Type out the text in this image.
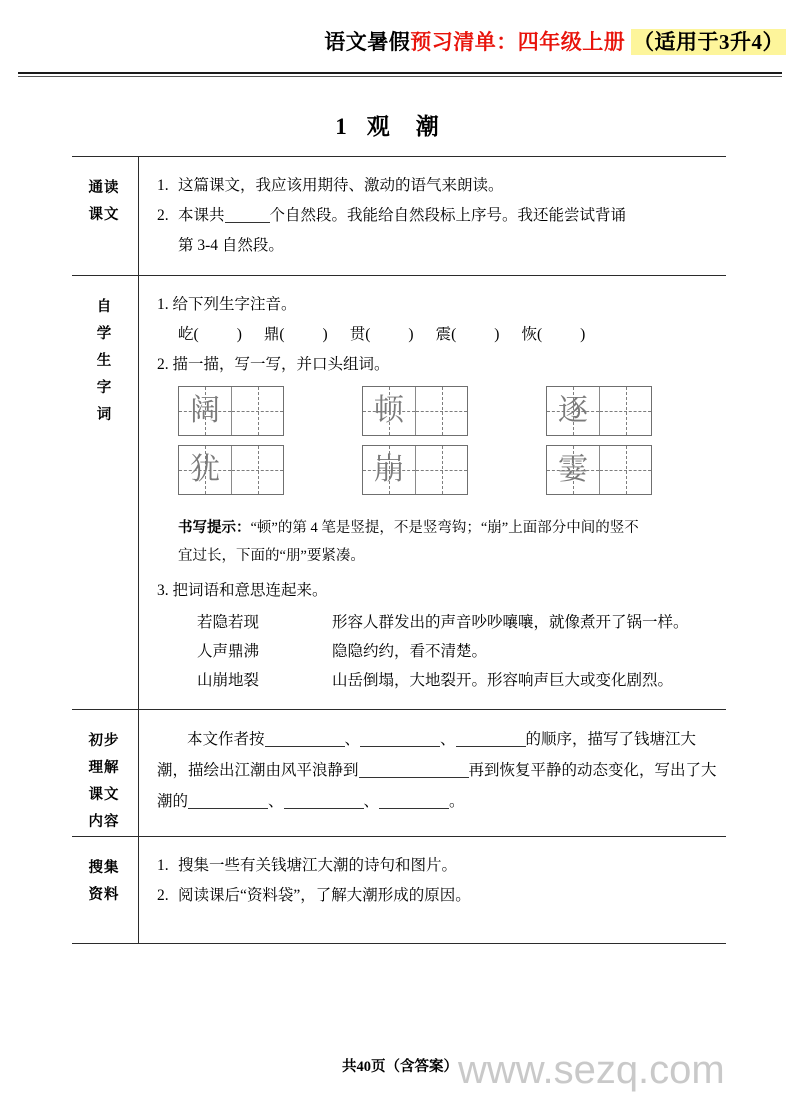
语文暑假预习清单：四年级上册 （适用于3升4）
1 观潮
通读
课文

1. 这篇课文，我应该用期待、激动的语气来朗读。
2. 本课共	个自然段。我能给自然段标上序号。我还能尝试背诵
第 3-4 自然段。

自
学
生
字
词

1. 给下列生字注音。
屹( ) 鼎( ) 贯( ) 震( ) 恢( )
2. 描一描，写一写，并口头组词。
阔	顿	逐
犹	崩	霎
书写提示：“顿”的第 4 笔是竖提，不是竖弯钩；“崩”上面部分中间的竖不
宜过长，下面的“朋”要紧凑。
3. 把词语和意思连起来。
若隐若现	形容人群发出的声音吵吵嚷嚷，就像煮开了锅一样。
人声鼎沸	隐隐约约，看不清楚。
山崩地裂	山岳倒塌，大地裂开。形容响声巨大或变化剧烈。

初步
理解
课文
内容	本文作者按 、 、 的顺序，描写了钱塘江大潮，描绘出江潮由风平浪静到 再到恢复平静的动态变化，写出了大潮的 、 、 。

搜集
资料

1. 搜集一些有关钱塘江大潮的诗句和图片。
2. 阅读课后“资料袋”，了解大潮形成的原因。
共40页（含答案） www.sezq.com
